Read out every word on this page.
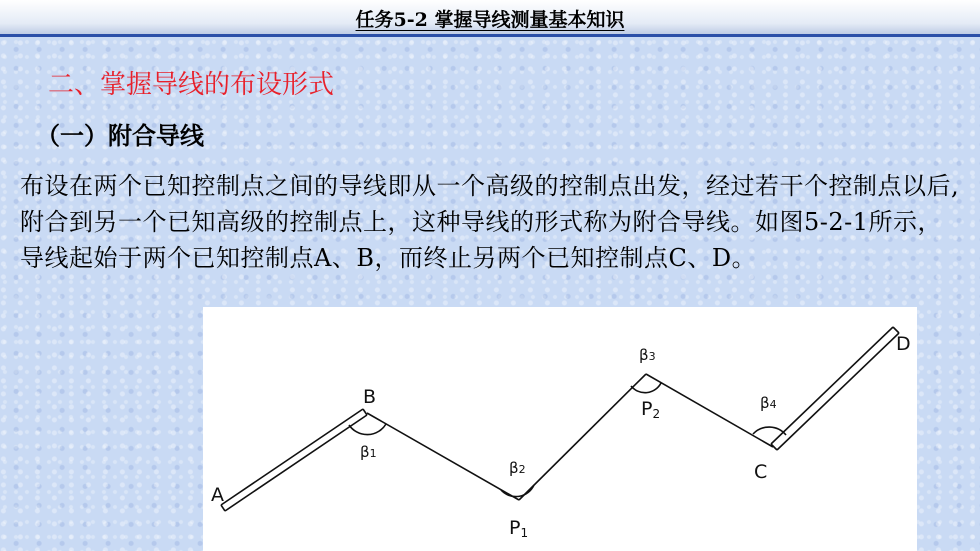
任务5-2 掌握导线测量基本知识
二、掌握导线的布设形式
（一）附合导线

布设在两个已知控制点之间的导线即从一个高级的控制点出发，经过若干个控制点以后,附合到另一个已知高级的控制点上，这种导线的形式称为附合导线。如图5-2-1所示，导线起始于两个已知控制点A、B，而终止另两个已知控制点C、D。

A
B
P1
P2
C
D
β1
β2
β3
β4
